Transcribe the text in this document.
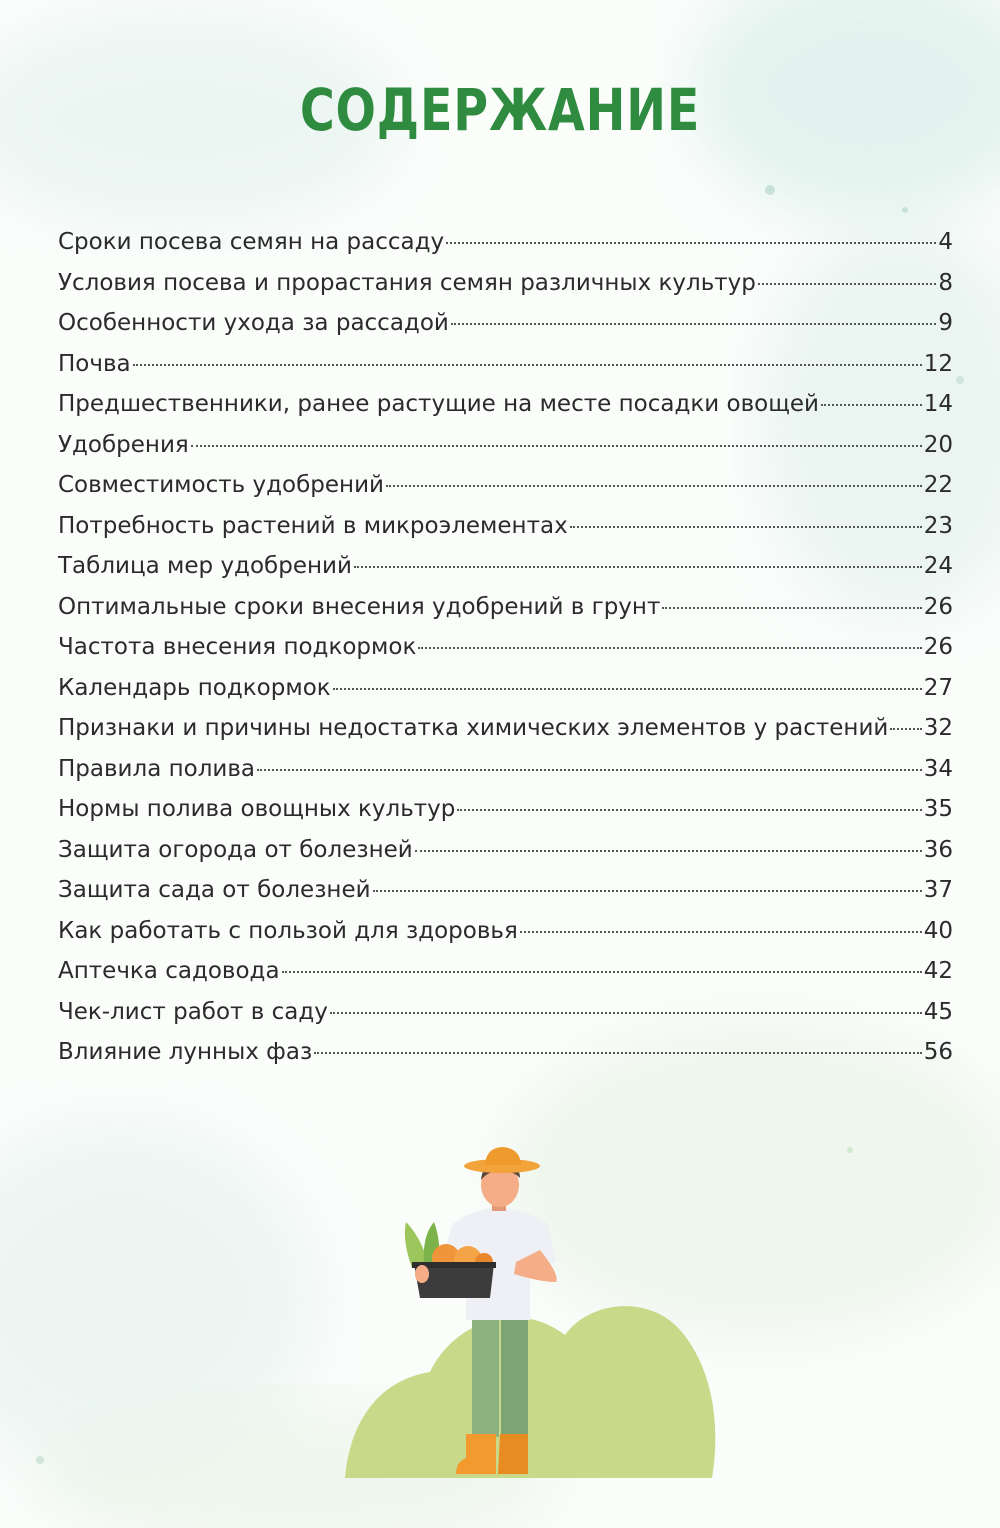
СОДЕРЖАНИЕ
Сроки посева семян на рассаду	4
Условия посева и прорастания семян различных культур	8
Особенности ухода за рассадой	9
Почва	12
Предшественники, ранее растущие на месте посадки овощей	14
Удобрения	20
Совместимость удобрений	22
Потребность растений в микроэлементах	23
Таблица мер удобрений	24
Оптимальные сроки внесения удобрений в грунт	26
Частота внесения подкормок	26
Календарь подкормок	27
Признаки и причины недостатка химических элементов у растений 32
Правила полива	34
Нормы полива овощных культур	35
Защита огорода от болезней	36
Защита сада от болезней	37
Как работать с пользой для здоровья	40
Аптечка садовода	42
Чек-лист работ в саду	45
Влияние лунных фаз	56
